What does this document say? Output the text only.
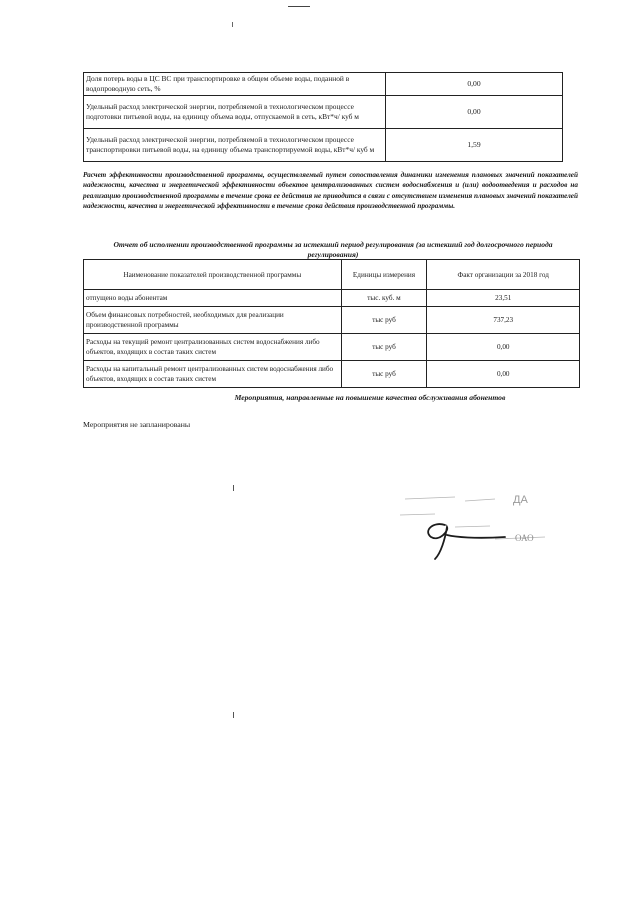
Доля потерь воды в ЦС ВС при транспортировке в общем объеме воды, поданной в водопроводную сеть, %	0,00
Удельный расход электрической энергии, потребляемой в технологическом процессе подготовки питьевой воды, на единицу объема воды, отпускаемой в сеть, кВт*ч/ куб м	0,00
Удельный расход электрической энергии, потребляемой в технологическом процессе транспортировки питьевой воды, на единицу объема транспортируемой воды, кВт*ч/ куб м	1,59
Расчет эффективности производственной программы, осуществляемый путем сопоставления динамики изменения плановых значений показателей надежности, качества и энергетической эффективности объектов централизованных систем водоснабжения и (или) водоотведения и расходов на реализацию производственной программы в течение срока ее действия не приводится в связи с отсутствием изменения плановых значений показателей надежности, качества и энергетической эффективности в течение срока действия производственной программы.
Отчет об исполнении производственной программы за истекший период регулирования (за истекший год долгосрочного периода регулирования)
Наименование показателей производственной программы	Единицы измерения	Факт организации за 2018 год
отпущено воды абонентам	тыс. куб. м	23,51
Объем финансовых потребностей, необходимых для реализации производственной программы	тыс руб	737,23
Расходы на текущий ремонт централизованных систем водоснабжения либо объектов, входящих в состав таких систем	тыс руб	0,00
Расходы на капитальный ремонт централизованных систем водоснабжения либо объектов, входящих в состав таких систем	тыс руб	0,00
Мероприятия, направленные на повышение качества обслуживания абонентов
Мероприятия не запланированы
ДА
ОАО
